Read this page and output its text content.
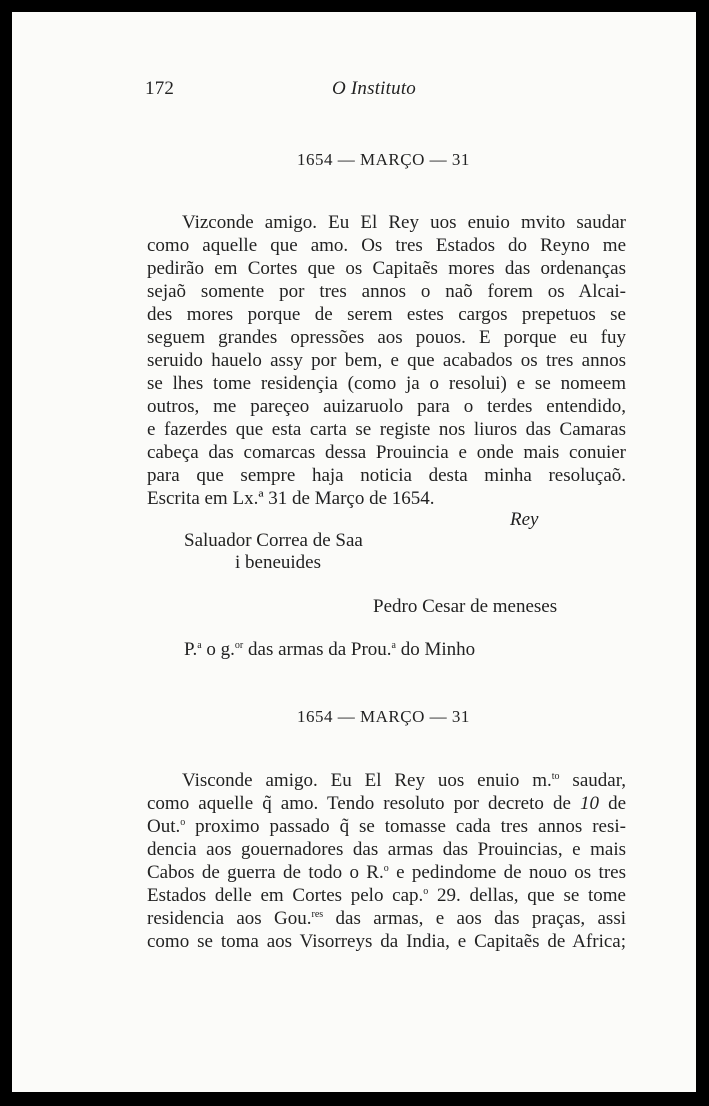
172	O Instituto
1654 — MARÇO — 31
Vizconde amigo. Eu El Rey uos enuio mvito saudar
como aquelle que amo. Os tres Estados do Reyno me
pedirão em Cortes que os Capitaẽs mores das ordenanças
sejaõ somente por tres annos o naõ forem os Alcai-
des mores porque de serem estes cargos prepetuos se
seguem grandes opressões aos pouos. E porque eu fuy
seruido hauelo assy por bem, e que acabados os tres annos
se lhes tome residençia (como ja o resolui) e se nomeem
outros, me pareçeo auizaruolo para o terdes entendido,
e fazerdes que esta carta se registe nos liuros das Camaras
cabeça das comarcas dessa Prouincia e onde mais conuier
para que sempre haja noticia desta minha resoluçaõ.
Escrita em Lx.ª 31 de Março de 1654.
Rey
Saluador Correa de Saa
i beneuides
Pedro Cesar de meneses
P.$^a$ o g.$^{or}$ das armas da Prou.$^a$ do Minho
1654 — MARÇO — 31
Visconde amigo. Eu El Rey uos enuio m.$^{to}$ saudar,
como aquelle q̃ amo. Tendo resoluto por decreto de 10 de
Out.$^o$ proximo passado q̃ se tomasse cada tres annos resi-
dencia aos gouernadores das armas das Prouincias, e mais
Cabos de guerra de todo o R.$^o$ e pedindome de nouo os tres
Estados delle em Cortes pelo cap.$^o$ 29. dellas, que se tome
residencia aos Gou.$^{res}$ das armas, e aos das praças, assi
como se toma aos Visorreys da India, e Capitaẽs de Africa;
